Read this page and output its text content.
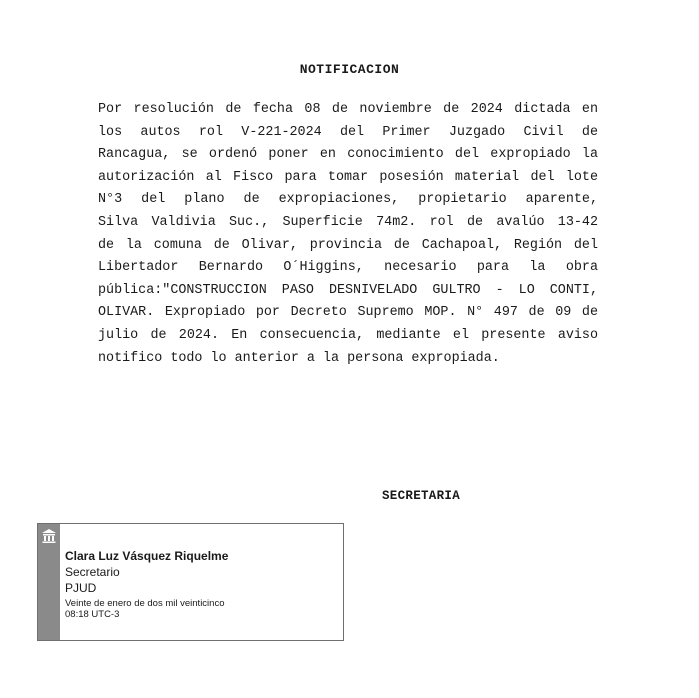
NOTIFICACION
Por resolución de fecha 08 de noviembre de 2024 dictada en
los autos rol V-221-2024 del Primer Juzgado Civil de
Rancagua, se ordenó poner en conocimiento del expropiado la
autorización al Fisco para tomar posesión material del lote
N°3 del plano de expropiaciones, propietario aparente,
Silva Valdivia Suc., Superficie 74m2. rol de avalúo 13-42
de la comuna de Olivar, provincia de Cachapoal, Región del
Libertador Bernardo O´Higgins, necesario para la obra
pública:"CONSTRUCCION PASO DESNIVELADO GULTRO - LO CONTI,
OLIVAR. Expropiado por Decreto Supremo MOP. N° 497 de 09 de
julio de 2024. En consecuencia, mediante el presente aviso
notifico todo lo anterior a la persona expropiada.
SECRETARIA
Clara Luz Vásquez Riquelme
Secretario
PJUD
Veinte de enero de dos mil veinticinco
08:18 UTC-3
